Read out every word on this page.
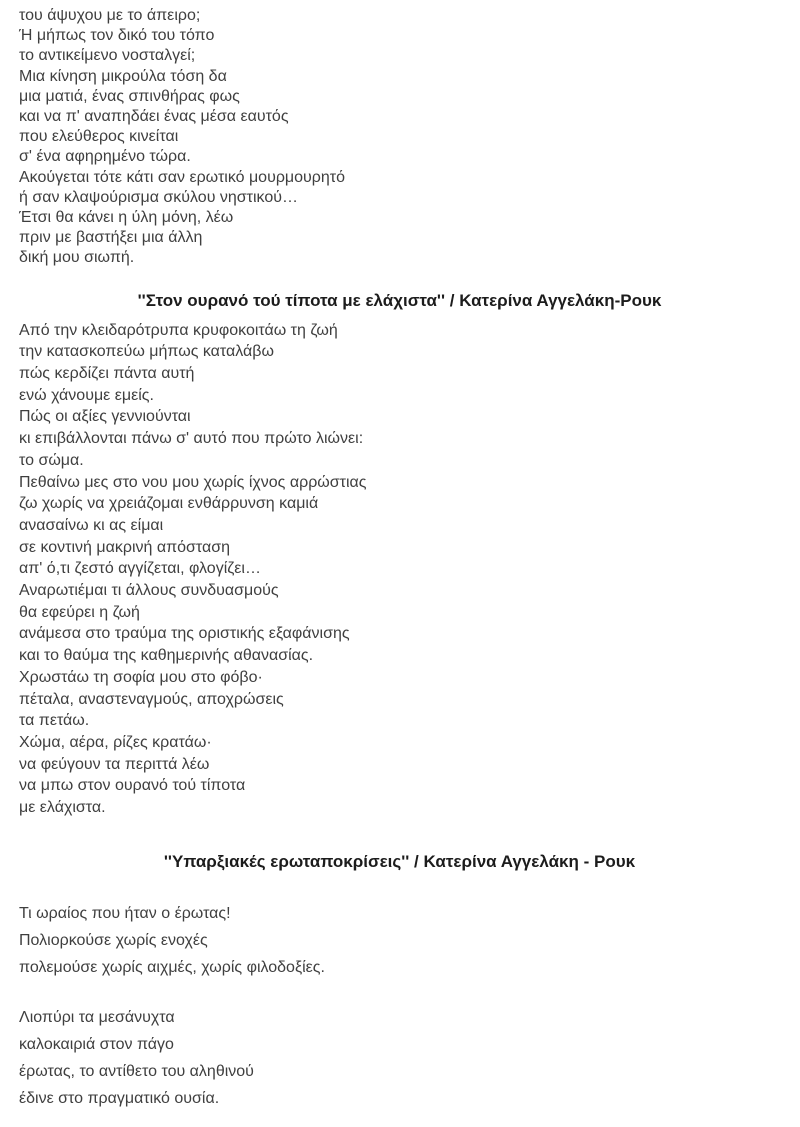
του άψυχου με το άπειρο;
Ή μήπως τον δικό του τόπο
το αντικείμενο νοσταλγεί;
Μια κίνηση μικρούλα τόση δα
μια ματιά, ένας σπινθήρας φως
και να π' αναπηδάει ένας μέσα εαυτός
που ελεύθερος κινείται
σ' ένα αφηρημένο τώρα.
Ακούγεται τότε κάτι σαν ερωτικό μουρμουρητό
ή σαν κλαψούρισμα σκύλου νηστικού…
Έτσι θα κάνει η ύλη μόνη, λέω
πριν με βαστήξει μια άλλη
δική μου σιωπή.
''Στον ουρανό τού τίποτα με ελάχιστα'' / Κατερίνα Αγγελάκη-Ρουκ
Από την κλειδαρότρυπα κρυφοκοιτάω τη ζωή
την κατασκοπεύω μήπως καταλάβω
πώς κερδίζει πάντα αυτή
ενώ χάνουμε εμείς.
Πώς οι αξίες γεννιούνται
κι επιβάλλονται πάνω σ' αυτό που πρώτο λιώνει:
το σώμα.
Πεθαίνω μες στο νου μου χωρίς ίχνος αρρώστιας
ζω χωρίς να χρειάζομαι ενθάρρυνση καμιά
ανασαίνω κι ας είμαι
σε κοντινή μακρινή απόσταση
απ' ό,τι ζεστό αγγίζεται, φλογίζει…
Αναρωτιέμαι τι άλλους συνδυασμούς
θα εφεύρει η ζωή
ανάμεσα στο τραύμα της οριστικής εξαφάνισης
και το θαύμα της καθημερινής αθανασίας.
Χρωστάω τη σοφία μου στο φόβο·
πέταλα, αναστεναγμούς, αποχρώσεις
τα πετάω.
Χώμα, αέρα, ρίζες κρατάω·
να φεύγουν τα περιττά λέω
να μπω στον ουρανό τού τίποτα
με ελάχιστα.
''Υπαρξιακές ερωταποκρίσεις'' / Κατερίνα Αγγελάκη - Ρουκ
Τι ωραίος που ήταν ο έρωτας!
Πολιορκούσε χωρίς ενοχές
πολεμούσε χωρίς αιχμές, χωρίς φιλοδοξίες.
Λιοπύρι τα μεσάνυχτα
καλοκαιριά στον πάγο
έρωτας, το αντίθετο του αληθινού
έδινε στο πραγματικό ουσία.
